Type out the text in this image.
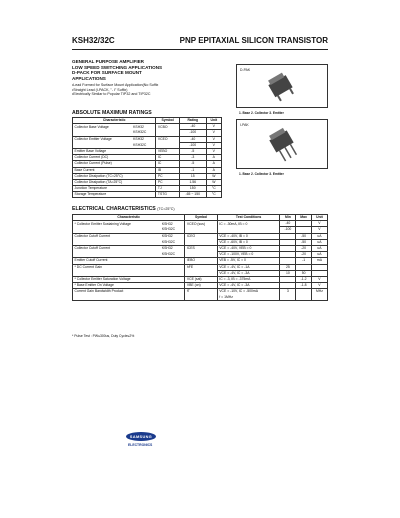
KSH32/32C	PNP EPITAXIAL SILICON TRANSISTOR
GENERAL PURPOSE AMPLIFIER
LOW SPEED SWITCHING APPLICATIONS
D-PACK FOR SURFACE MOUNT
APPLICATIONS
• Lead Formed for Surface Mount Application(No Suffix
• Straight Lead (I-PACK, "- I" Suffix)
• Electrically Similar to Popular TIP32 and TIP32C
D-PAK
1. Base 2. Collector 3. Emitter
I-PAK
1. Base 2. Collector 3. Emitter
ABSOLUTE MAXIMUM RATINGS
Characteristic		Symbol	Rating	Unit
Collector Base Voltage	KSH32	VCBO	-40	V
	KSH32C		-100	V
Collector Emitter Voltage	KSH32	VCEO	-40	V
	KSH32C		-100	V
Emitter Base Voltage		VEBO	-5	V
Collector Current (DC)		IC	-3	A
Collector Current (Pulse)		IC	-5	A
Base Current		IB	-1	A
Collector Dissipation (TC=25°C)		PC	15	W
Collector Dissipation (TA=25°C)		PC	1.56	W
Junction Temperature		TJ	150	°C
Storage Temperature		TSTG	-65 ~ 150	°C
ELECTRICAL CHARACTERISTICS (TC=25°C)
Characteristic		Symbol	Test Conditions	Min	Max	Unit
* Collector Emitter Sustaining Voltage	KSH32	VCEO (sus)	IC = -30mA, IB = 0	-40		V
	KSH32C			-100		V
Collector Cutoff Current	KSH32	ICEO	VCE = -40V, IB = 0		-50	uA
	KSH32C		VCE = -60V, IB = 0		-50	uA
Collector Cutoff Current	KSH32	ICES	VCE = -40V, VEB = 0		-20	uA
	KSH32C		VCE = -100V, VEB = 0		-20	uA
Emitter Cutoff Current		IEBO	VEB = -5V, IC = 0		-1	mA
* DC Current Gain		hFE	VCE = -4V, IC = -1A	25		
			VCE = -4V, IC = -3A	10	50	
* Collector Emitter Saturation Voltage		VCE (sat)	IC = -3, IB = -375mA		-1.2	V
* Base Emitter On Voltage		VBE (on)	VCE = -4V, IC = -3A		-1.8	V
Current Gain Bandwidth Product		fT	VCE = -10V, IC = -500mA	3		MHz
			f = 1MHz			
* Pulse Test : PW≤300us, Duty Cycle≤2%
SAMSUNG
ELECTRONICS
